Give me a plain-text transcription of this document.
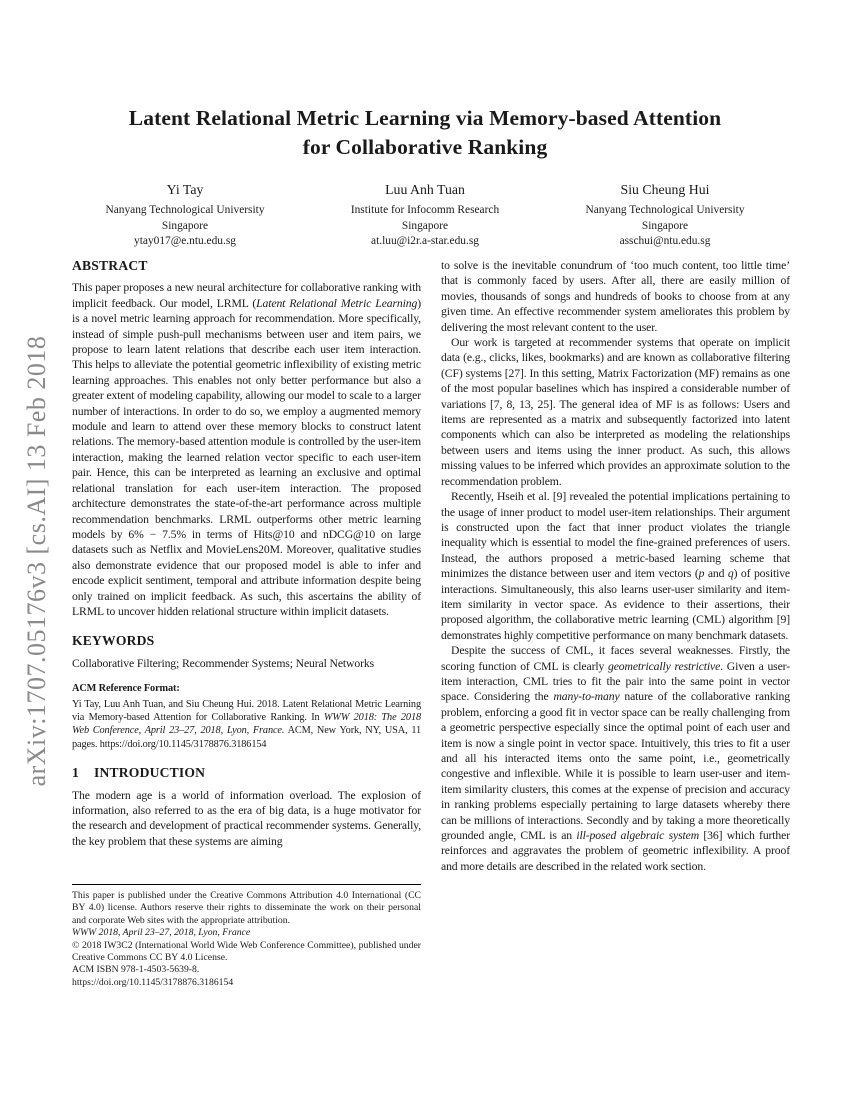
arXiv:1707.05176v3 [cs.AI] 13 Feb 2018
Latent Relational Metric Learning via Memory-based Attention
for Collaborative Ranking
Yi Tay
Nanyang Technological University
Singapore
ytay017@e.ntu.edu.sg
Luu Anh Tuan
Institute for Infocomm Research
Singapore
at.luu@i2r.a-star.edu.sg
Siu Cheung Hui
Nanyang Technological University
Singapore
asschui@ntu.edu.sg
ABSTRACT

This paper proposes a new neural architecture for collaborative ranking with implicit feedback. Our model, LRML (Latent Relational Metric Learning) is a novel metric learning approach for recommendation. More specifically, instead of simple push-pull mechanisms between user and item pairs, we propose to learn latent relations that describe each user item interaction. This helps to alleviate the potential geometric inflexibility of existing metric learning approaches. This enables not only better performance but also a greater extent of modeling capability, allowing our model to scale to a larger number of interactions. In order to do so, we employ a augmented memory module and learn to attend over these memory blocks to construct latent relations. The memory-based attention module is controlled by the user-item interaction, making the learned relation vector specific to each user-item pair. Hence, this can be interpreted as learning an exclusive and optimal relational translation for each user-item interaction. The proposed architecture demonstrates the state-of-the-art performance across multiple recommendation benchmarks. LRML outperforms other metric learning models by 6% − 7.5% in terms of Hits@10 and nDCG@10 on large datasets such as Netflix and MovieLens20M. Moreover, qualitative studies also demonstrate evidence that our proposed model is able to infer and encode explicit sentiment, temporal and attribute information despite being only trained on implicit feedback. As such, this ascertains the ability of LRML to uncover hidden relational structure within implicit datasets.

KEYWORDS

Collaborative Filtering; Recommender Systems; Neural Networks

ACM Reference Format:

Yi Tay, Luu Anh Tuan, and Siu Cheung Hui. 2018. Latent Relational Metric Learning via Memory-based Attention for Collaborative Ranking. In WWW 2018: The 2018 Web Conference, April 23–27, 2018, Lyon, France. ACM, New York, NY, USA, 11 pages. https://doi.org/10.1145/3178876.3186154

1 INTRODUCTION

The modern age is a world of information overload. The explosion of information, also referred to as the era of big data, is a huge motivator for the research and development of practical recommender systems. Generally, the key problem that these systems are aiming

to solve is the inevitable conundrum of ‘too much content, too little time’ that is commonly faced by users. After all, there are easily million of movies, thousands of songs and hundreds of books to choose from at any given time. An effective recommender system ameliorates this problem by delivering the most relevant content to the user.

Our work is targeted at recommender systems that operate on implicit data (e.g., clicks, likes, bookmarks) and are known as collaborative filtering (CF) systems [27]. In this setting, Matrix Factorization (MF) remains as one of the most popular baselines which has inspired a considerable number of variations [7, 8, 13, 25]. The general idea of MF is as follows: Users and items are represented as a matrix and subsequently factorized into latent components which can also be interpreted as modeling the relationships between users and items using the inner product. As such, this allows missing values to be inferred which provides an approximate solution to the recommendation problem.

Recently, Hseih et al. [9] revealed the potential implications pertaining to the usage of inner product to model user-item relationships. Their argument is constructed upon the fact that inner product violates the triangle inequality which is essential to model the fine-grained preferences of users. Instead, the authors proposed a metric-based learning scheme that minimizes the distance between user and item vectors (p and q) of positive interactions. Simultaneously, this also learns user-user similarity and item-item similarity in vector space. As evidence to their assertions, their proposed algorithm, the collaborative metric learning (CML) algorithm [9] demonstrates highly competitive performance on many benchmark datasets.

Despite the success of CML, it faces several weaknesses. Firstly, the scoring function of CML is clearly geometrically restrictive. Given a user-item interaction, CML tries to fit the pair into the same point in vector space. Considering the many-to-many nature of the collaborative ranking problem, enforcing a good fit in vector space can be really challenging from a geometric perspective especially since the optimal point of each user and item is now a single point in vector space. Intuitively, this tries to fit a user and all his interacted items onto the same point, i.e., geometrically congestive and inflexible. While it is possible to learn user-user and item-item similarity clusters, this comes at the expense of precision and accuracy in ranking problems especially pertaining to large datasets whereby there can be millions of interactions. Secondly and by taking a more theoretically grounded angle, CML is an ill-posed algebraic system [36] which further reinforces and aggravates the problem of geometric inflexibility. A proof and more details are described in the related work section.

This paper is published under the Creative Commons Attribution 4.0 International (CC BY 4.0) license. Authors reserve their rights to disseminate the work on their personal and corporate Web sites with the appropriate attribution.

WWW 2018, April 23–27, 2018, Lyon, France

© 2018 IW3C2 (International World Wide Web Conference Committee), published under Creative Commons CC BY 4.0 License.

ACM ISBN 978-1-4503-5639-8.

https://doi.org/10.1145/3178876.3186154
